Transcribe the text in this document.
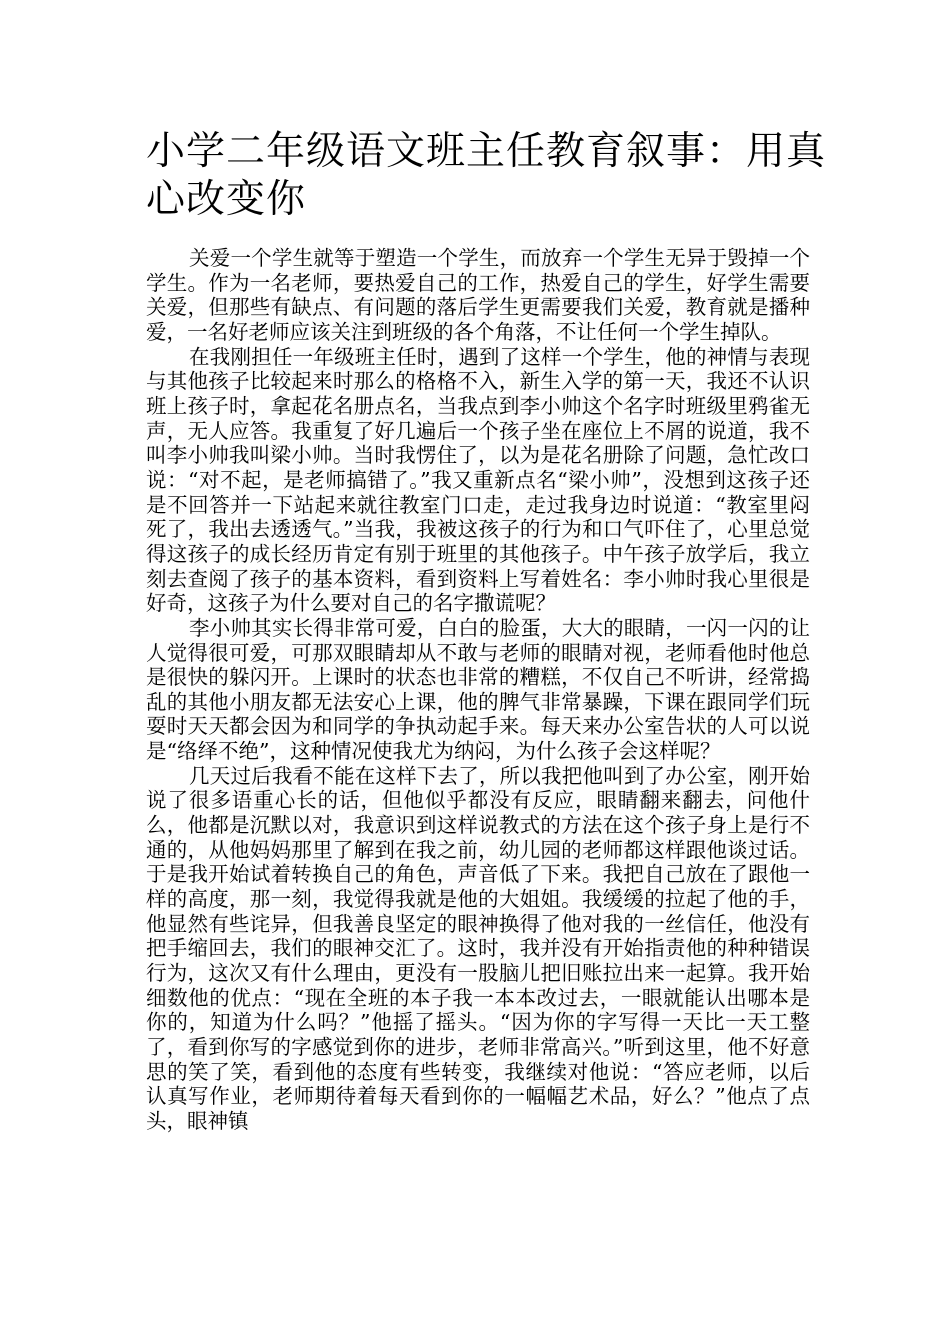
小学二年级语文班主任教育叙事：用真心改变你

关爱一个学生就等于塑造一个学生，而放弃一个学生无异于毁掉一个学生。作为一名老师，要热爱自己的工作，热爱自己的学生，好学生需要关爱，但那些有缺点、有问题的落后学生更需要我们关爱，教育就是播种爱，一名好老师应该关注到班级的各个角落，不让任何一个学生掉队。

在我刚担任一年级班主任时，遇到了这样一个学生，他的神情与表现与其他孩子比较起来时那么的格格不入，新生入学的第一天，我还不认识班上孩子时，拿起花名册点名，当我点到李小帅这个名字时班级里鸦雀无声，无人应答。我重复了好几遍后一个孩子坐在座位上不屑的说道，我不叫李小帅我叫梁小帅。当时我愣住了，以为是花名册除了问题，急忙改口说：“对不起，是老师搞错了。”我又重新点名“梁小帅”，没想到这孩子还是不回答并一下站起来就往教室门口走，走过我身边时说道：“教室里闷死了，我出去透透气。”当我，我被这孩子的行为和口气吓住了，心里总觉得这孩子的成长经历肯定有别于班里的其他孩子。中午孩子放学后，我立刻去查阅了孩子的基本资料，看到资料上写着姓名：李小帅时我心里很是好奇，这孩子为什么要对自己的名字撒谎呢？

李小帅其实长得非常可爱，白白的脸蛋，大大的眼睛，一闪一闪的让人觉得很可爱，可那双眼睛却从不敢与老师的眼睛对视，老师看他时他总是很快的躲闪开。上课时的状态也非常的糟糕，不仅自己不听讲，经常捣乱的其他小朋友都无法安心上课，他的脾气非常暴躁，下课在跟同学们玩耍时天天都会因为和同学的争执动起手来。每天来办公室告状的人可以说是“络绎不绝”，这种情况使我尤为纳闷，为什么孩子会这样呢？

几天过后我看不能在这样下去了，所以我把他叫到了办公室，刚开始说了很多语重心长的话，但他似乎都没有反应，眼睛翻来翻去，问他什么，他都是沉默以对，我意识到这样说教式的方法在这个孩子身上是行不通的，从他妈妈那里了解到在我之前，幼儿园的老师都这样跟他谈过话。于是我开始试着转换自己的角色，声音低了下来。我把自己放在了跟他一样的高度，那一刻，我觉得我就是他的大姐姐。我缓缓的拉起了他的手，他显然有些诧异，但我善良坚定的眼神换得了他对我的一丝信任，他没有把手缩回去，我们的眼神交汇了。这时，我并没有开始指责他的种种错误行为，这次又有什么理由，更没有一股脑儿把旧账拉出来一起算。我开始细数他的优点：“现在全班的本子我一本本改过去，一眼就能认出哪本是你的，知道为什么吗？”他摇了摇头。“因为你的字写得一天比一天工整了，看到你写的字感觉到你的进步，老师非常高兴。”听到这里，他不好意思的笑了笑，看到他的态度有些转变，我继续对他说：“答应老师，以后认真写作业，老师期待着每天看到你的一幅幅艺术品，好么？”他点了点头，眼神镇
